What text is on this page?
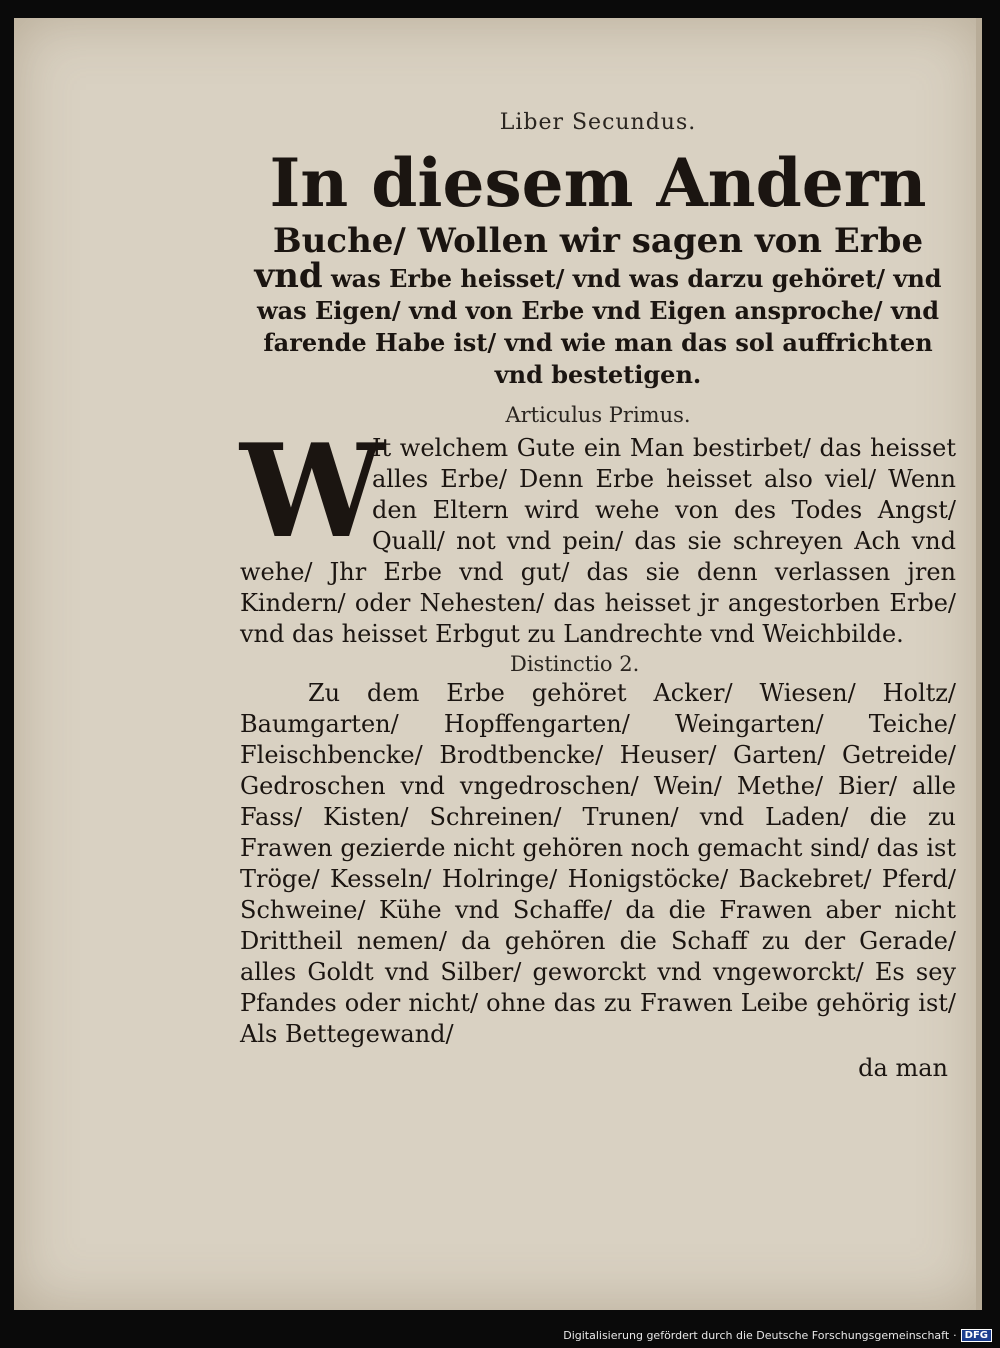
Liber Secundus.
In diesem Andern

Buche/ Wollen wir sagen von Erbe vnd was Erbe heisset/ vnd was darzu gehöret/ vnd was Eigen/ vnd von Erbe vnd Eigen ansproche/ vnd farende Habe ist/ vnd wie man das sol auffrichten vnd bestetigen.

Articulus Primus.

W
It welchem Gute ein Man bestirbet/ das heisset alles Erbe/ Denn Erbe heisset also viel/ Wenn den Eltern wird wehe von des Todes Angst/ Quall/ not vnd pein/ das sie schreyen Ach vnd wehe/ Jhr Erbe vnd gut/ das sie denn verlassen jren Kindern/ oder Nehesten/ das heisset jr angestorben Erbe/ vnd das heisset Erbgut zu Landrechte vnd Weichbilde.

Distinctio 2.

Zu dem Erbe gehöret Acker/ Wiesen/ Holtz/ Baumgarten/ Hopffengarten/ Weingarten/ Teiche/ Fleischbencke/ Brodtbencke/ Heuser/ Garten/ Getreide/ Gedroschen vnd vngedroschen/ Wein/ Methe/ Bier/ alle Fass/ Kisten/ Schreinen/ Trunen/ vnd Laden/ die zu Frawen gezierde nicht gehören noch gemacht sind/ das ist Tröge/ Kesseln/ Holringe/ Honigstöcke/ Backebret/ Pferd/ Schweine/ Kühe vnd Schaffe/ da die Frawen aber nicht Drittheil nemen/ da gehören die Schaff zu der Gerade/ alles Goldt vnd Silber/ geworckt vnd vngeworckt/ Es sey Pfandes oder nicht/ ohne das zu Frawen Leibe gehörig ist/ Als Bettegewand/

da man
Digitalisierung gefördert durch die Deutsche Forschungsgemeinschaft · DFG
